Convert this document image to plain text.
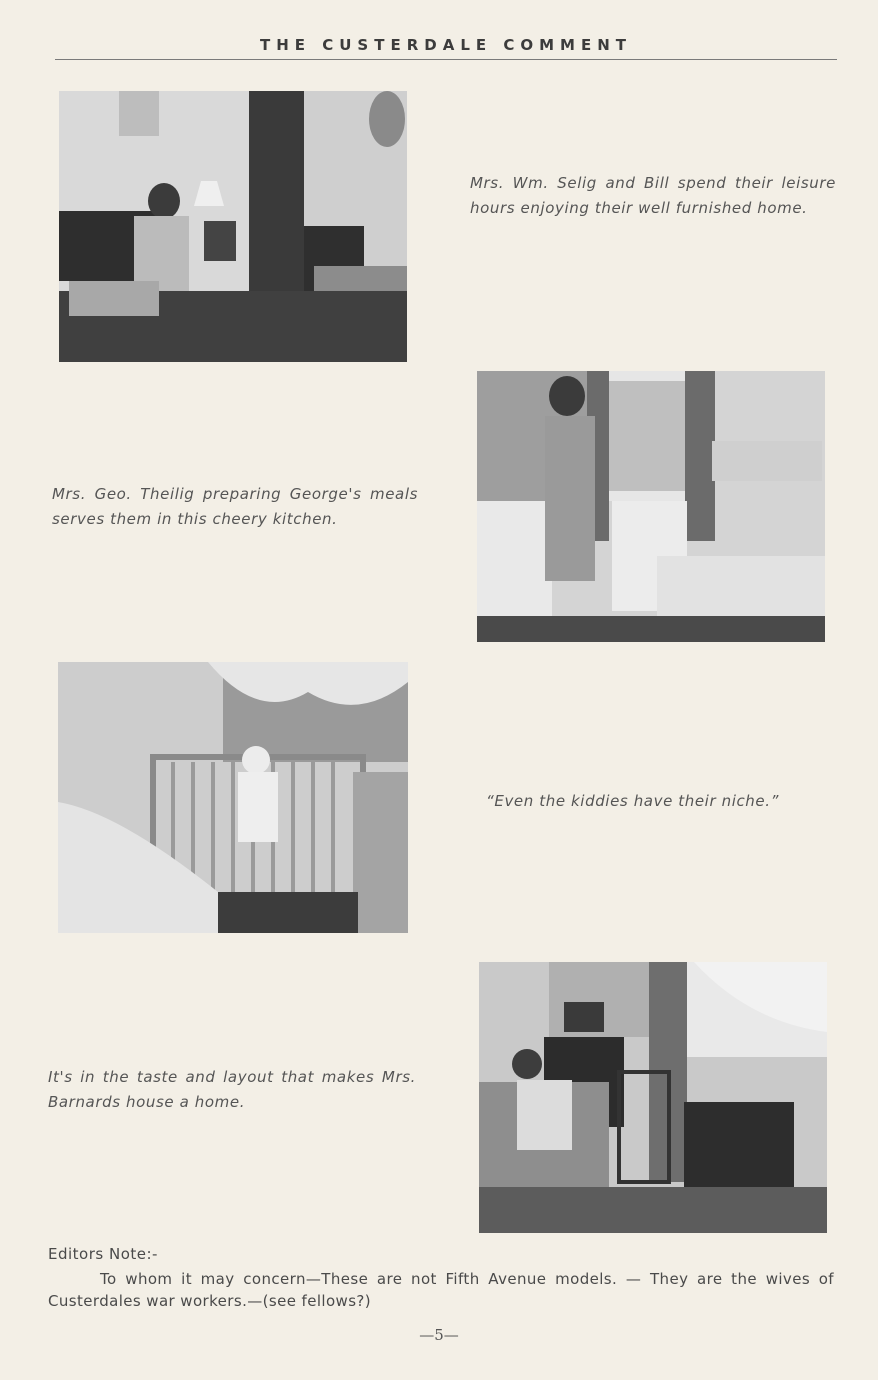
THE CUSTERDALE COMMENT
Mrs. Wm. Selig and Bill spend their leisure hours enjoying their well furnished home.
Mrs. Geo. Theilig preparing George's meals serves them in this cheery kitchen.
“Even the kiddies have their niche.”
It's in the taste and layout that makes Mrs. Barnards house a home.
Editors Note:-
To whom it may concern—These are not Fifth Avenue models. — They are the wives of Custerdales war workers.—(see fellows?)
—5—
